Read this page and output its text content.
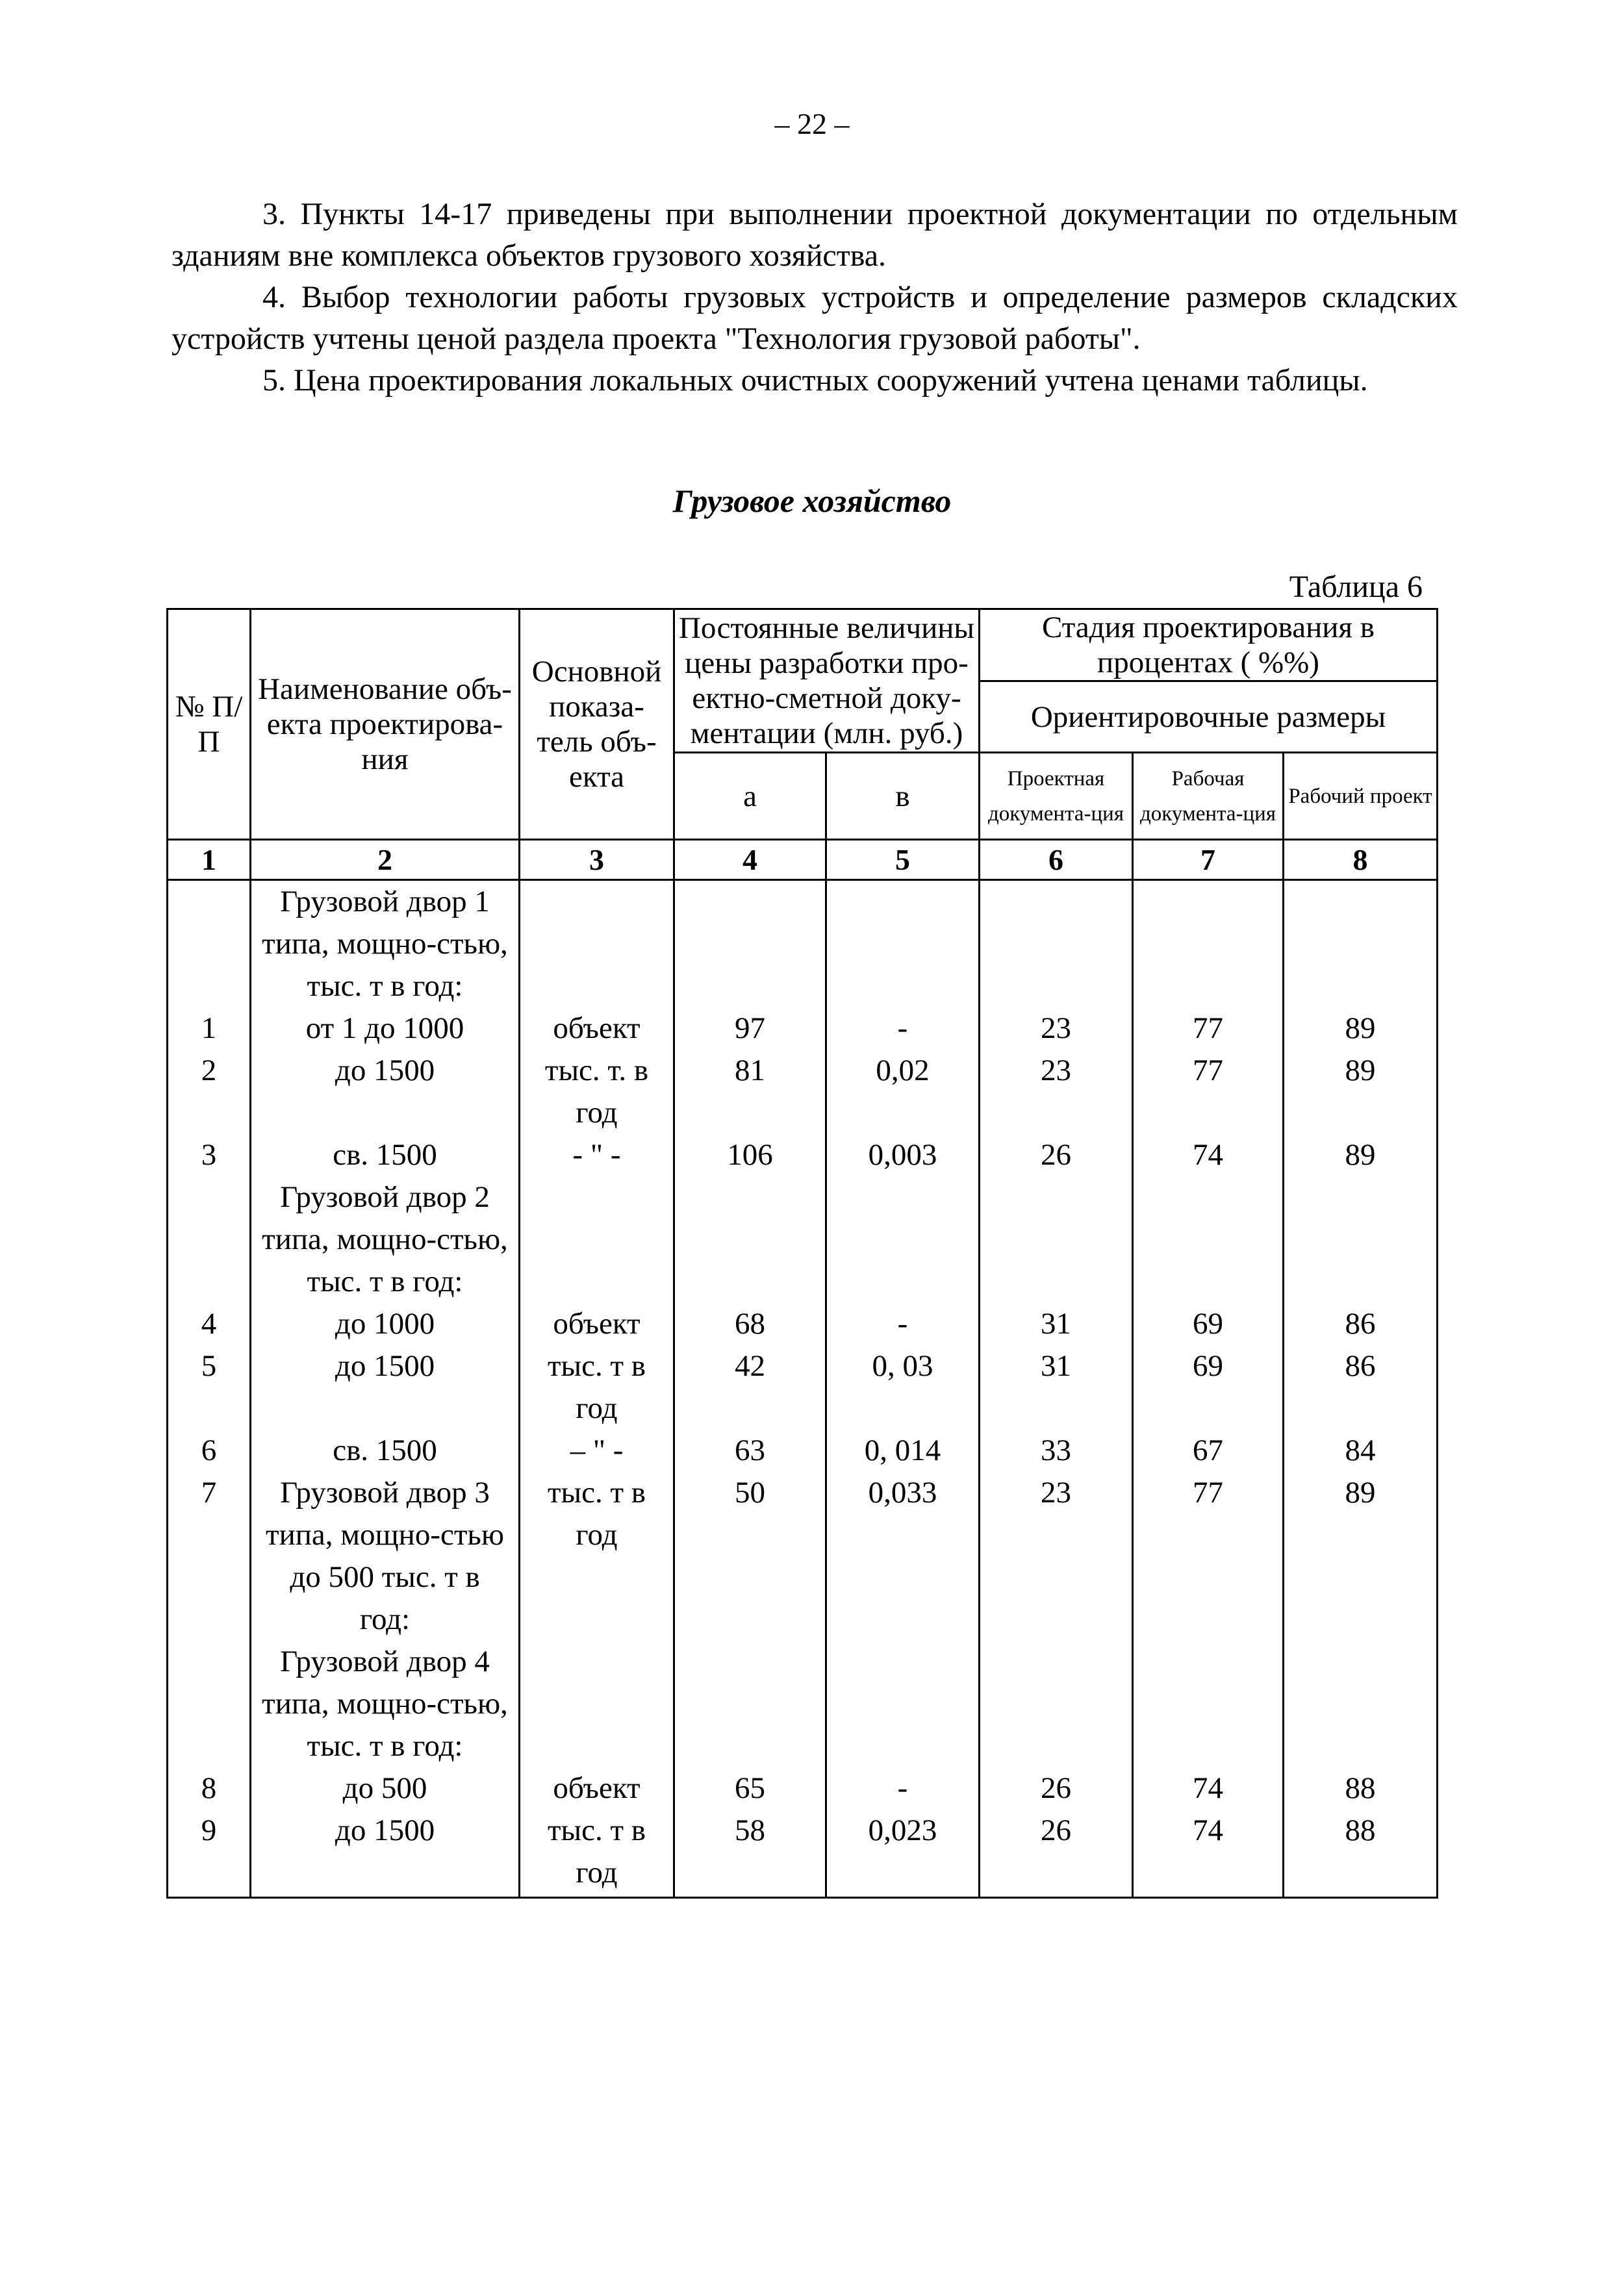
– 22 –

3. Пункты 14-17 приведены при выполнении проектной документации по отдельным зданиям вне комплекса объектов грузового хозяйства.

4. Выбор технологии работы грузовых устройств и определение размеров складских устройств учтены ценой раздела проекта "Технология грузовой работы".

5. Цена проектирования локальных очистных сооружений учтена ценами таблицы.

Грузовое хозяйство
Таблица 6
№ П/П	Наименование объ-екта проектирова-ния	Основной показа-тель объ-екта	Постоянные величины цены разработки про-ектно-сметной доку-ментации (млн. руб.)		Стадия проектирования в процентах ( %%)		
					Ориентировочные размеры		
			а	в	Проектная документа-ция	Рабочая документа-ция	Рабочий проект
1	2	3	4	5	6	7	8
	Грузовой двор 1 типа, мощно-стью, тыс. т в год:						
1	от 1 до 1000	объект	97	-	23	77	89
2	до 1500	тыс. т. в год	81	0,02	23	77	89
3	св. 1500	- " -	106	0,003	26	74	89
	Грузовой двор 2 типа, мощно-стью, тыс. т в год:						
4	до 1000	объект	68	-	31	69	86
5	до 1500	тыс. т в год	42	0, 03	31	69	86
6	св. 1500	– " -	63	0, 014	33	67	84
7	Грузовой двор 3 типа, мощно-стью до 500 тыс. т в год:	тыс. т в год	50	0,033	23	77	89
	Грузовой двор 4 типа, мощно-стью, тыс. т в год:						
8	до 500	объект	65	-	26	74	88
9	до 1500	тыс. т в год	58	0,023	26	74	88
